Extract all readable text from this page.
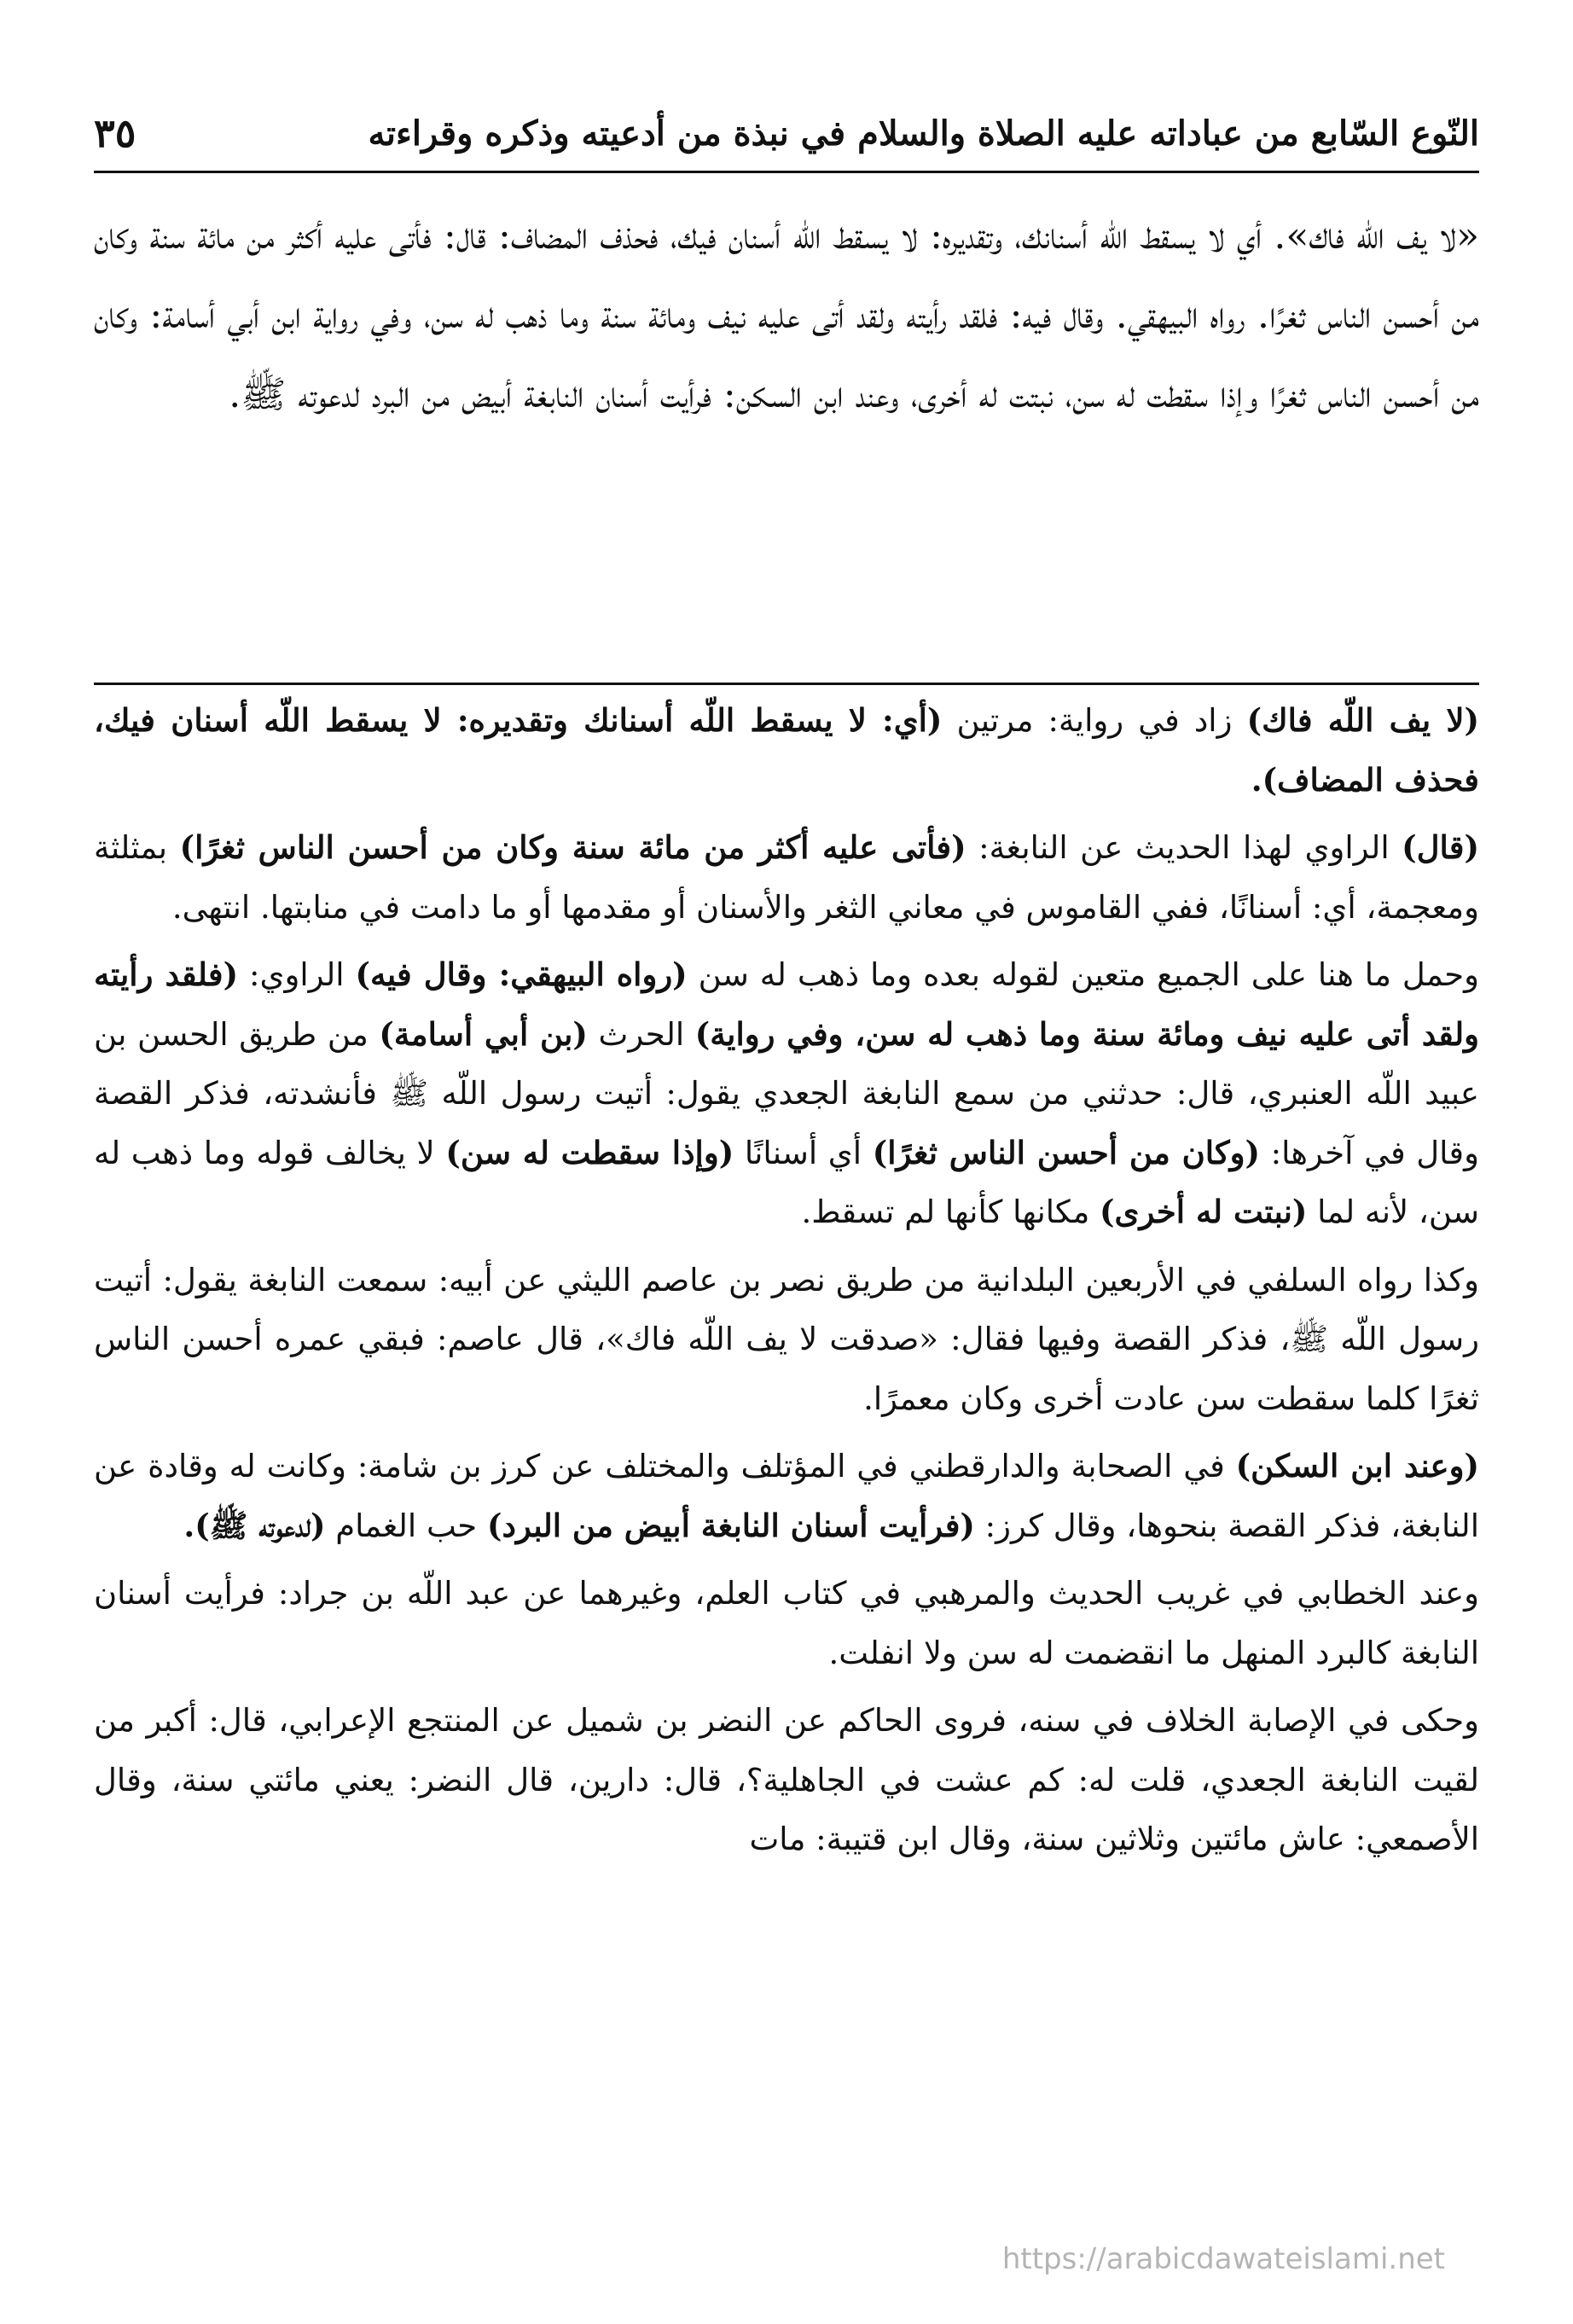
النّوع السّابع من عباداته عليه الصلاة والسلام في نبذة من أدعيته وذكره وقراءته
٣٥

«لا يف الله فاك». أي لا يسقط الله أسنانك، وتقديره: لا يسقط الله أسنان فيك، فحذف المضاف: قال: فأتى عليه أكثر من مائة سنة وكان من أحسن الناس ثغرًا. رواه البيهقي. وقال فيه: فلقد رأيته ولقد أتى عليه نيف ومائة سنة وما ذهب له سن، وفي رواية ابن أبي أسامة: وكان من أحسن الناس ثغرًا وإذا سقطت له سن، نبتت له أخرى، وعند ابن السكن: فرأيت أسنان النابغة أبيض من البرد لدعوته ﷺ.

(لا يف اللّه فاك) زاد في رواية: مرتين (أي: لا يسقط اللّه أسنانك وتقديره: لا يسقط اللّه أسنان فيك، فحذف المضاف).

(قال) الراوي لهذا الحديث عن النابغة: (فأتى عليه أكثر من مائة سنة وكان من أحسن الناس ثغرًا) بمثلثة ومعجمة، أي: أسنانًا، ففي القاموس في معاني الثغر والأسنان أو مقدمها أو ما دامت في منابتها. انتهى.

وحمل ما هنا على الجميع متعين لقوله بعده وما ذهب له سن (رواه البيهقي: وقال فيه) الراوي: (فلقد رأيته ولقد أتى عليه نيف ومائة سنة وما ذهب له سن، وفي رواية) الحرث (بن أبي أسامة) من طريق الحسن بن عبيد اللّه العنبري، قال: حدثني من سمع النابغة الجعدي يقول: أتيت رسول اللّه ﷺ فأنشدته، فذكر القصة وقال في آخرها: (وكان من أحسن الناس ثغرًا) أي أسنانًا (وإذا سقطت له سن) لا يخالف قوله وما ذهب له سن، لأنه لما (نبتت له أخرى) مكانها كأنها لم تسقط.

وكذا رواه السلفي في الأربعين البلدانية من طريق نصر بن عاصم الليثي عن أبيه: سمعت النابغة يقول: أتيت رسول اللّه ﷺ، فذكر القصة وفيها فقال: «صدقت لا يف اللّه فاك»، قال عاصم: فبقي عمره أحسن الناس ثغرًا كلما سقطت سن عادت أخرى وكان معمرًا.

(وعند ابن السكن) في الصحابة والدارقطني في المؤتلف والمختلف عن كرز بن شامة: وكانت له وقادة عن النابغة، فذكر القصة بنحوها، وقال كرز: (فرأيت أسنان النابغة أبيض من البرد) حب الغمام (لدعوته ﷺ).

وعند الخطابي في غريب الحديث والمرهبي في كتاب العلم، وغيرهما عن عبد اللّه بن جراد: فرأيت أسنان النابغة كالبرد المنهل ما انقضمت له سن ولا انفلت.

وحكى في الإصابة الخلاف في سنه، فروى الحاكم عن النضر بن شميل عن المنتجع الإعرابي، قال: أكبر من لقيت النابغة الجعدي، قلت له: كم عشت في الجاهلية؟، قال: دارين، قال النضر: يعني مائتي سنة، وقال الأصمعي: عاش مائتين وثلاثين سنة، وقال ابن قتيبة: مات

https://arabicdawateislami.net
